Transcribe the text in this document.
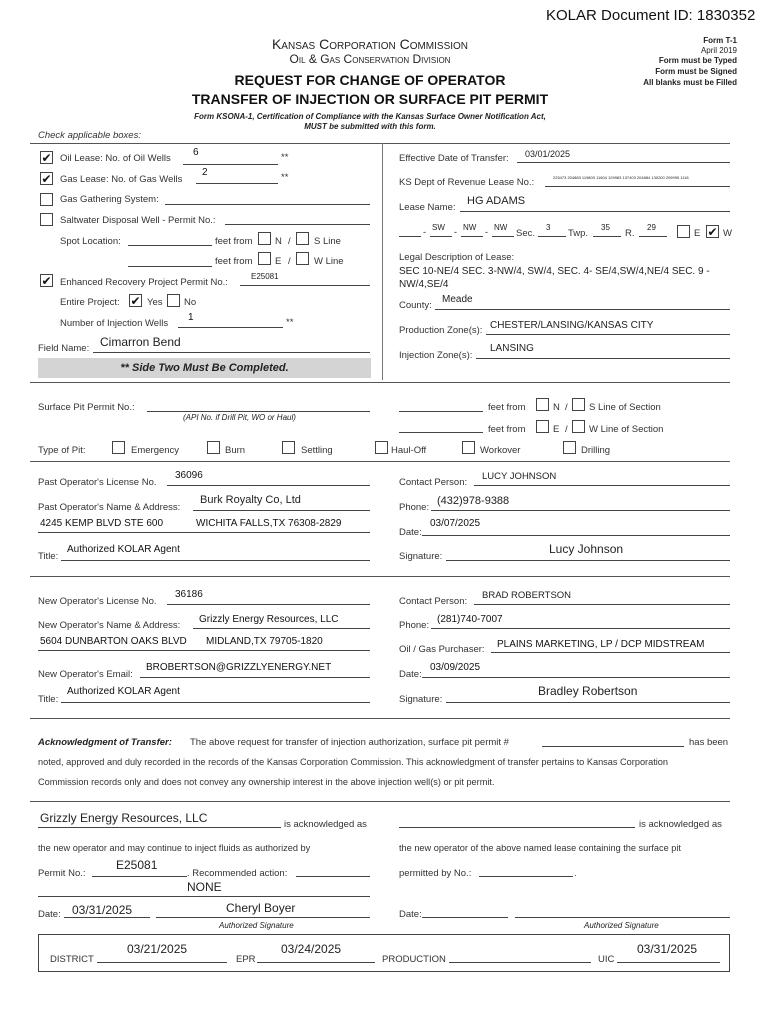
KOLAR Document ID: 1830352
Kansas Corporation Commission
Oil & Gas Conservation Division
REQUEST FOR CHANGE OF OPERATOR
TRANSFER OF INJECTION OR SURFACE PIT PERMIT
Form KSONA-1, Certification of Compliance with the Kansas Surface Owner Notification Act,
MUST be submitted with this form.
Form T-1
April 2019
Form must be Typed
Form must be Signed
All blanks must be Filled
Check applicable boxes:
✔ Oil Lease: No. of Oil Wells
6	**
✔ Gas Lease: No. of Gas Wells
2	**
Gas Gathering System:
Saltwater Disposal Well - Permit No.:
Spot Location:	feet from N / S Line
feet from E / W Line
✔ Enhanced Recovery Project Permit No.:
E25081
Entire Project: ✔ Yes No
Number of Injection Wells
1	**
Field Name: Cimarron Bend
** Side Two Must Be Completed.
Effective Date of Transfer: 03/01/2025
KS Dept of Revenue Lease No.:	225473 204883 119800 11604 129983 137403 204884 130200 209995 1118
Lease Name:
HG ADAMS
- SW - NW - NW
Sec.
3
Twp.
35
R.
29
E ✔ W
Legal Description of Lease:
SEC 10-NE/4 SEC. 3-NW/4, SW/4, SEC. 4- SE/4,SW/4,NE/4 SEC. 9 -
NW/4,SE/4
County:
Meade
Production Zone(s): CHESTER/LANSING/KANSAS CITY
Injection Zone(s):
LANSING
Surface Pit Permit No.:
(API No. if Drill Pit, WO or Haul)
feet from	N / S Line of Section
feet from	E / W Line of Section
Type of Pit:	Emergency	Burn	Settling	Haul-Off	Workover	Drilling
Past Operator's License No.
36096
Contact Person:
LUCY JOHNSON
Past Operator's Name & Address:
Burk Royalty Co, Ltd
Phone:
(432)978-9388
4245 KEMP BLVD STE 600	WICHITA FALLS,TX 76308-2829
Date:
03/07/2025
Title:
Authorized KOLAR Agent
Signature:
Lucy Johnson
New Operator's License No.
36186
Contact Person:
BRAD ROBERTSON
New Operator's Name & Address:
Grizzly Energy Resources, LLC
Phone:
(281)740-7007
5604 DUNBARTON OAKS BLVD MIDLAND,TX 79705-1820
Oil / Gas Purchaser: PLAINS MARKETING, LP / DCP MIDSTREAM
New Operator's Email:
BROBERTSON@GRIZZLYENERGY.NET
Date:
03/09/2025
Title:
Authorized KOLAR Agent
Signature:
Bradley Robertson
Acknowledgment of Transfer: The above request for transfer of injection authorization, surface pit permit #	has been
noted, approved and duly recorded in the records of the Kansas Corporation Commission. This acknowledgment of transfer pertains to Kansas Corporation
Commission records only and does not convey any ownership interest in the above injection well(s) or pit permit.
Grizzly Energy Resources, LLC	is acknowledged as	is acknowledged as
the new operator and may continue to inject fluids as authorized by	the new operator of the above named lease containing the surface pit
Permit No.:
E25081
. Recommended action:
NONE
permitted by No.:	.
Date: 03/31/2025	Cheryl Boyer
Authorized Signature
Date:
Authorized Signature
DISTRICT
03/21/2025
EPR
03/24/2025
PRODUCTION	UIC
03/31/2025
